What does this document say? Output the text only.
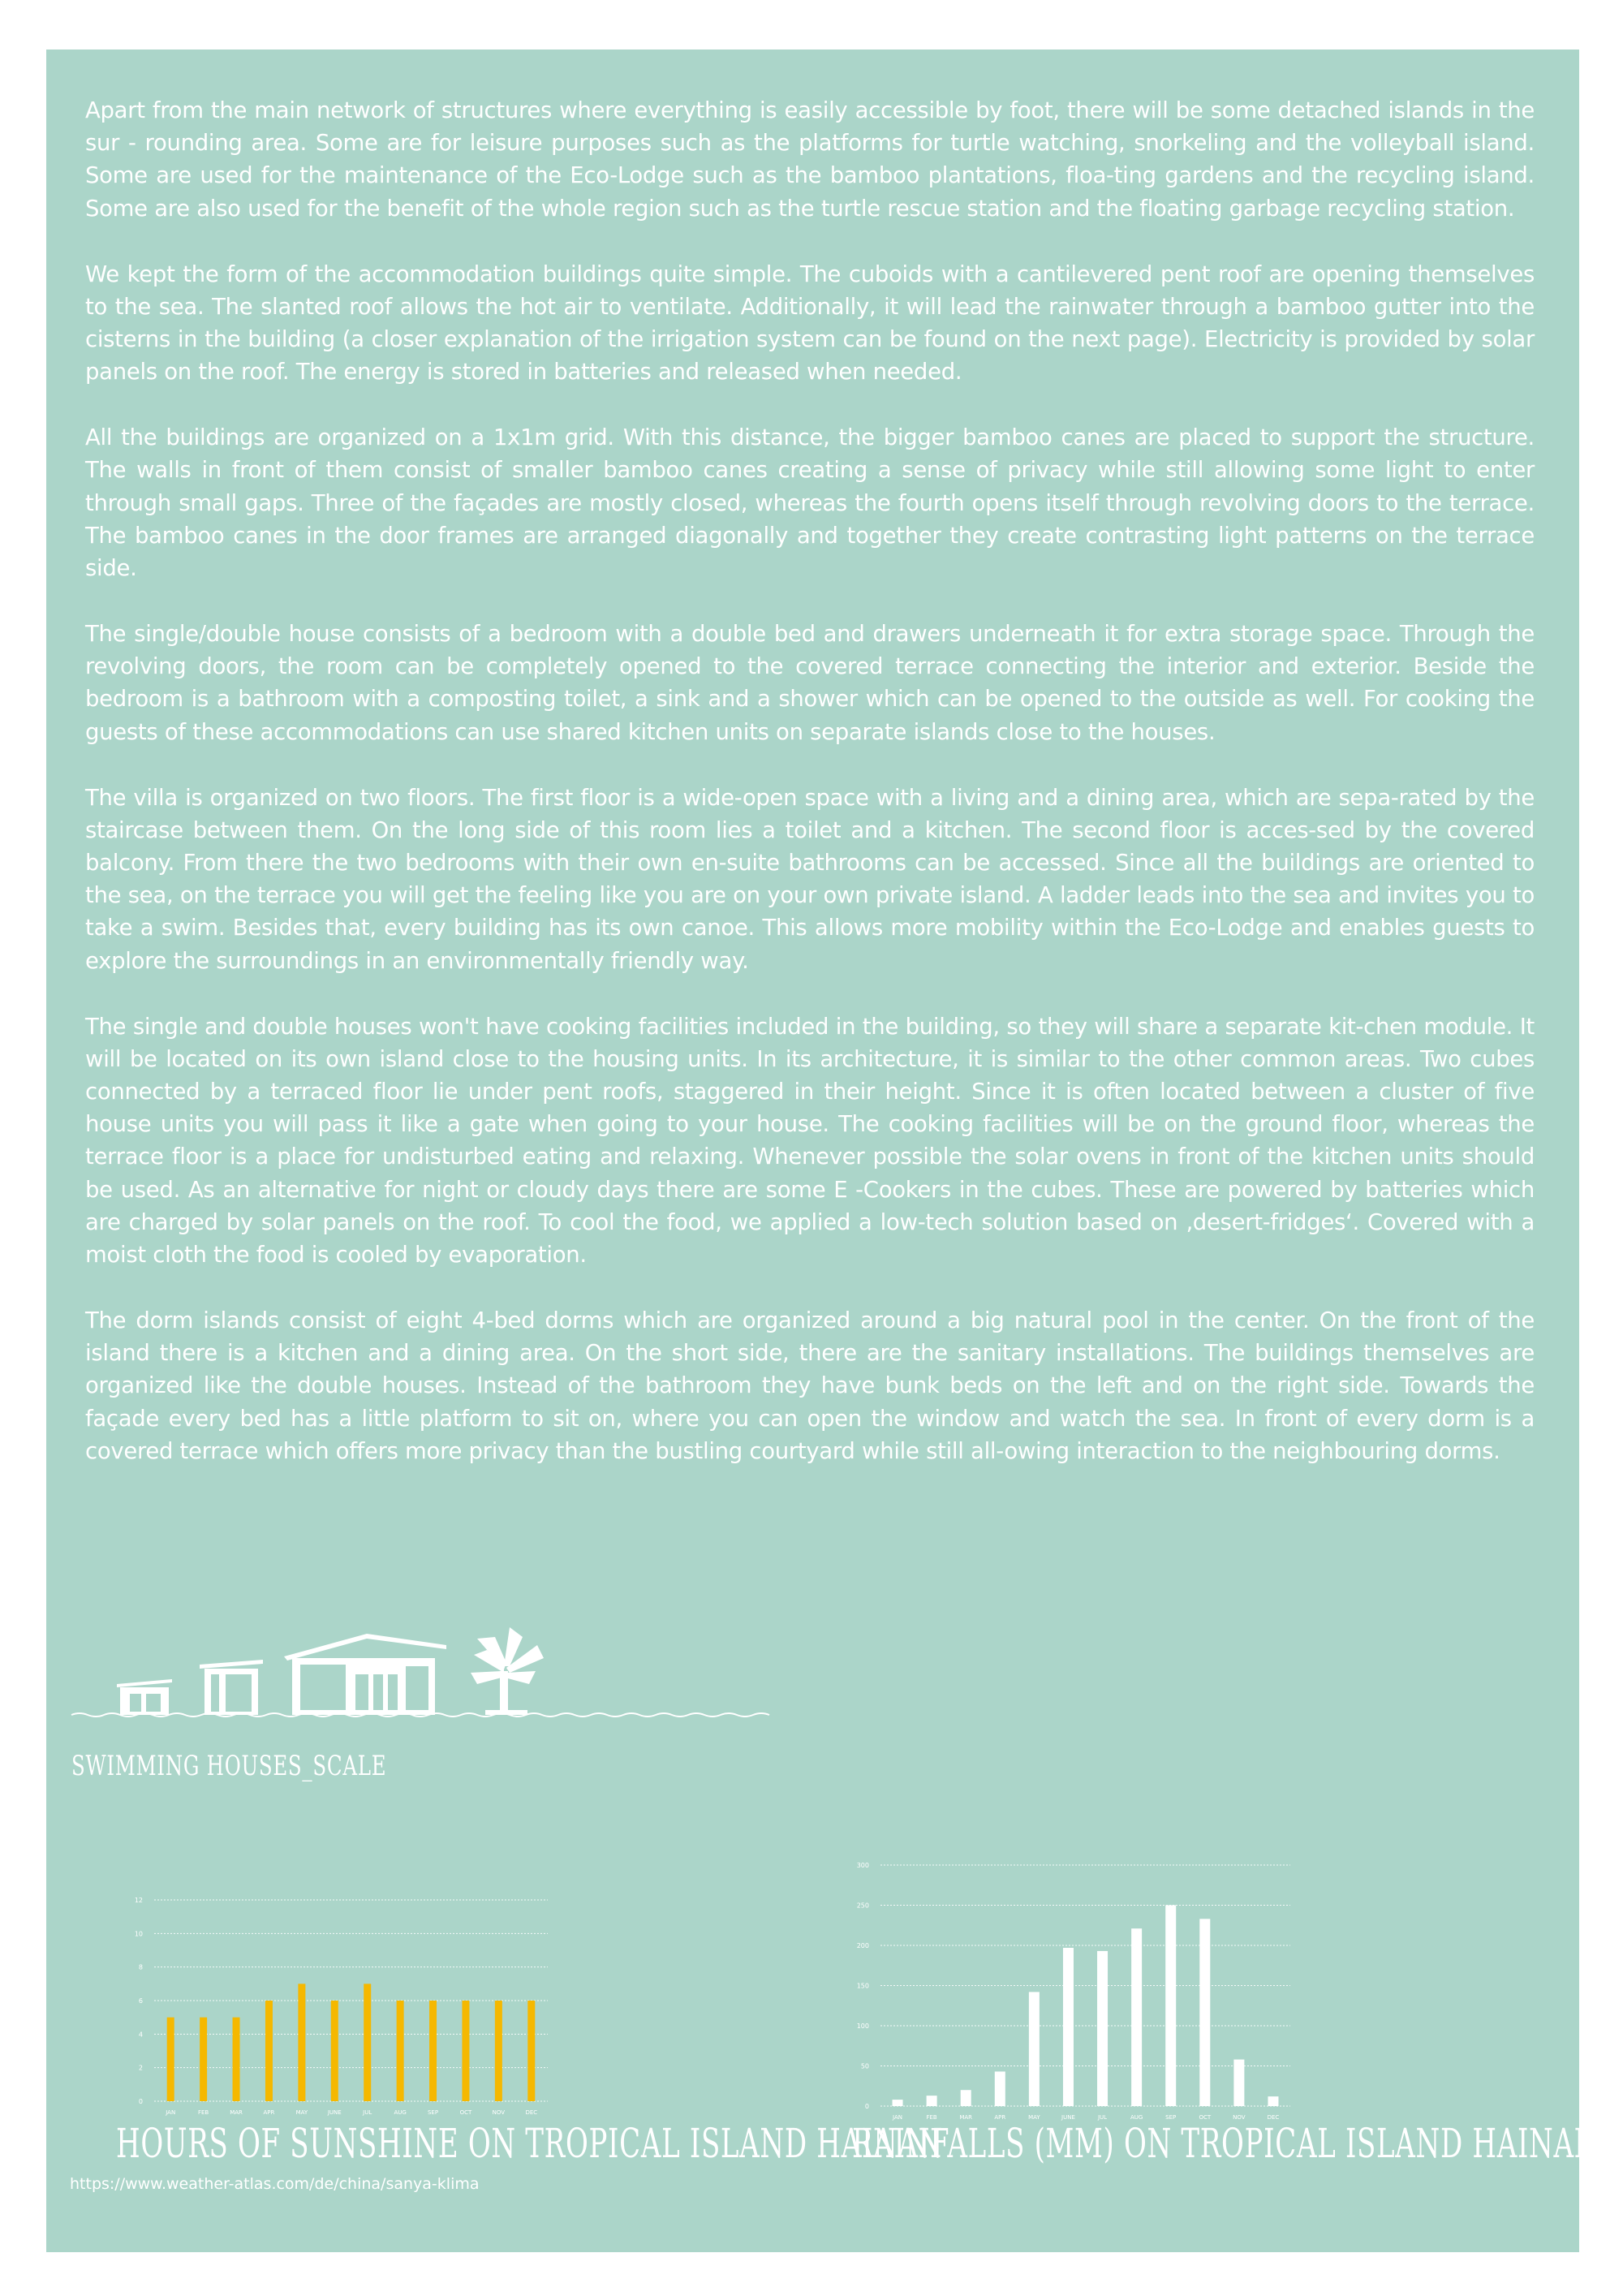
Apart from the main network of structures where everything is easily accessible by foot, there will be some detached islands in the sur - rounding area. Some are for leisure purposes such as the platforms for turtle watching, snorkeling and the volleyball island. Some are used for the maintenance of the Eco-Lodge such as the bamboo plantations, floa-ting gardens and the recycling island. Some are also used for the benefit of the whole region such as the turtle rescue station and the floating garbage recycling station.

We kept the form of the accommodation buildings quite simple. The cuboids with a cantilevered pent roof are opening themselves to the sea. The slanted roof allows the hot air to ventilate. Additionally, it will lead the rainwater through a bamboo gutter into the cisterns in the building (a closer explanation of the irrigation system can be found on the next page). Electricity is provided by solar panels on the roof. The energy is stored in batteries and released when needed.

All the buildings are organized on a 1x1m grid. With this distance, the bigger bamboo canes are placed to support the structure. The walls in front of them consist of smaller bamboo canes creating a sense of privacy while still allowing some light to enter through small gaps. Three of the façades are mostly closed, whereas the fourth opens itself through revolving doors to the terrace. The bamboo canes in the door frames are arranged diagonally and together they create contrasting light patterns on the terrace side.

The single/double house consists of a bedroom with a double bed and drawers underneath it for extra storage space. Through the revolving doors, the room can be completely opened to the covered terrace connecting the interior and exterior. Beside the bedroom is a bathroom with a composting toilet, a sink and a shower which can be opened to the outside as well. For cooking the guests of these accommodations can use shared kitchen units on separate islands close to the houses.

The villa is organized on two floors. The first floor is a wide-open space with a living and a dining area, which are sepa-rated by the staircase between them. On the long side of this room lies a toilet and a kitchen. The second floor is acces-sed by the covered balcony. From there the two bedrooms with their own en-suite bathrooms can be accessed. Since all the buildings are oriented to the sea, on the terrace you will get the feeling like you are on your own private island. A ladder leads into the sea and invites you to take a swim. Besides that, every building has its own canoe. This allows more mobility within the Eco-Lodge and enables guests to explore the surroundings in an environmentally friendly way.

The single and double houses won't have cooking facilities included in the building, so they will share a separate kit-chen module. It will be located on its own island close to the housing units. In its architecture, it is similar to the other common areas. Two cubes connected by a terraced floor lie under pent roofs, staggered in their height. Since it is often located between a cluster of five house units you will pass it like a gate when going to your house. The cooking facilities will be on the ground floor, whereas the terrace floor is a place for undisturbed eating and relaxing. Whenever possible the solar ovens in front of the kitchen units should be used. As an alternative for night or cloudy days there are some E -Cookers in the cubes. These are powered by batteries which are charged by solar panels on the roof. To cool the food, we applied a low-tech solution based on ‚desert-fridges‘. Covered with a moist cloth the food is cooled by evaporation.

The dorm islands consist of eight 4-bed dorms which are organized around a big natural pool in the center. On the front of the island there is a kitchen and a dining area. On the short side, there are the sanitary installations. The buildings themselves are organized like the double houses. Instead of the bathroom they have bunk beds on the left and on the right side. Towards the façade every bed has a little platform to sit on, where you can open the window and watch the sea. In front of every dorm is a covered terrace which offers more privacy than the bustling courtyard while still all-owing interaction to the neighbouring dorms.

SWIMMING HOUSES_SCALE
0
2
4
6
8
10
12
JAN	FEB	MAR	APR	MAY	JUNE	JUL	AUG	SEP	OCT	NOV	DEC
HOURS OF SUNSHINE ON TROPICAL ISLAND HAINAN
0
50
100
150
200
250
300
JAN	FEB	MAR	APR	MAY	JUNE	JUL	AUG	SEP	OCT	NOV	DEC
RAINFALLS (MM) ON TROPICAL ISLAND HAINAN
https://www.weather-atlas.com/de/china/sanya-klima
3
